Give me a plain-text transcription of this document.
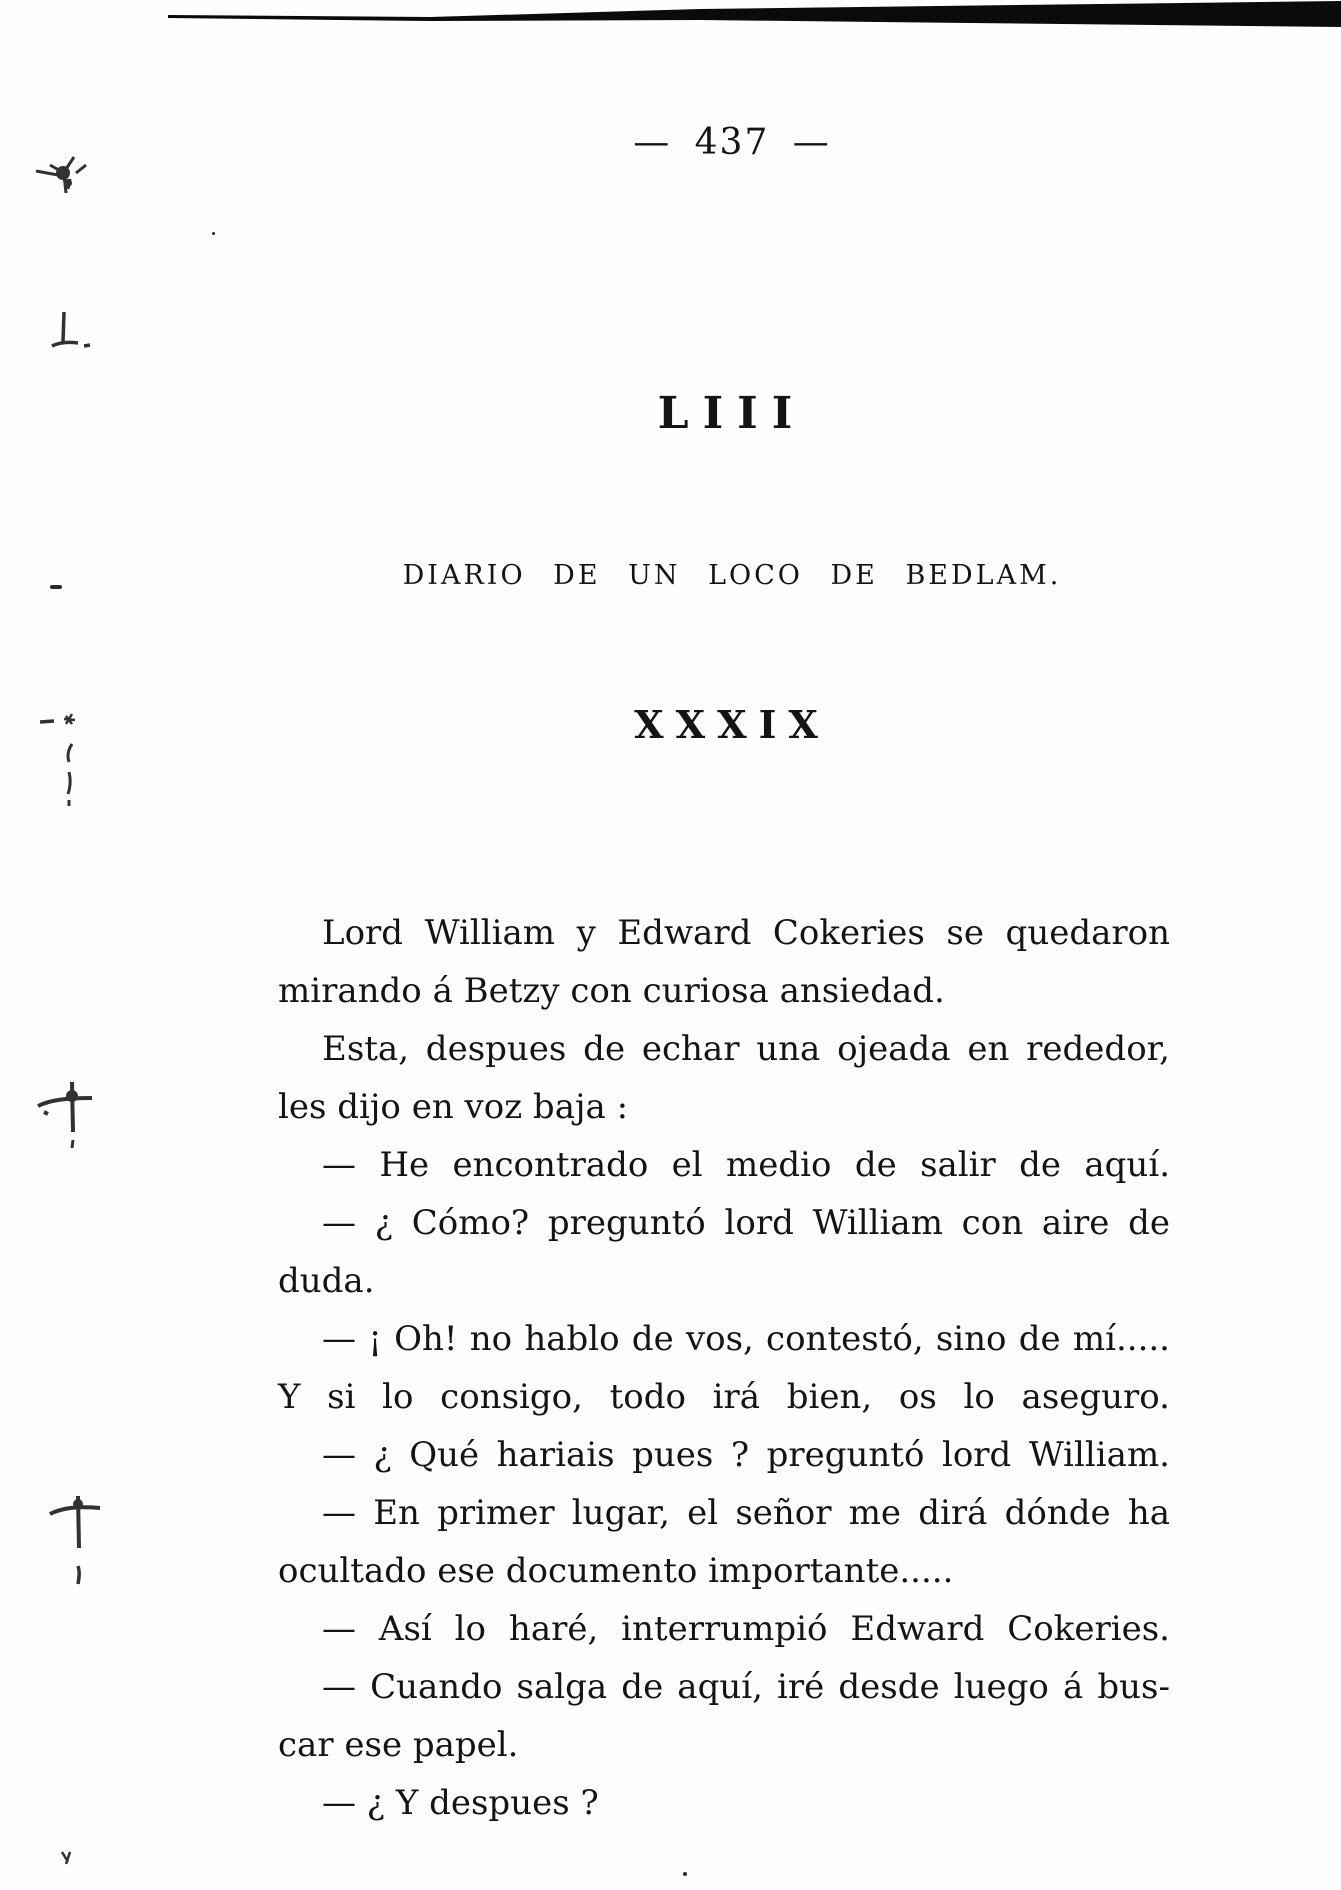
— 437 —
LIII
DIARIO DE UN LOCO DE BEDLAM.
XXXIX
Lord William y Edward Cokeries se quedaron
mirando á Betzy con curiosa ansiedad.
Esta, despues de echar una ojeada en rededor,
les dijo en voz baja :
— He encontrado el medio de salir de aquí.
— ¿ Cómo? preguntó lord William con aire de
duda.
— ¡ Oh! no hablo de vos, contestó, sino de mí.....
Y si lo consigo, todo irá bien, os lo aseguro.
— ¿ Qué hariais pues ? preguntó lord William.
— En primer lugar, el señor me dirá dónde ha
ocultado ese documento importante.....
— Así lo haré, interrumpió Edward Cokeries.
— Cuando salga de aquí, iré desde luego á bus-
car ese papel.
— ¿ Y despues ?
